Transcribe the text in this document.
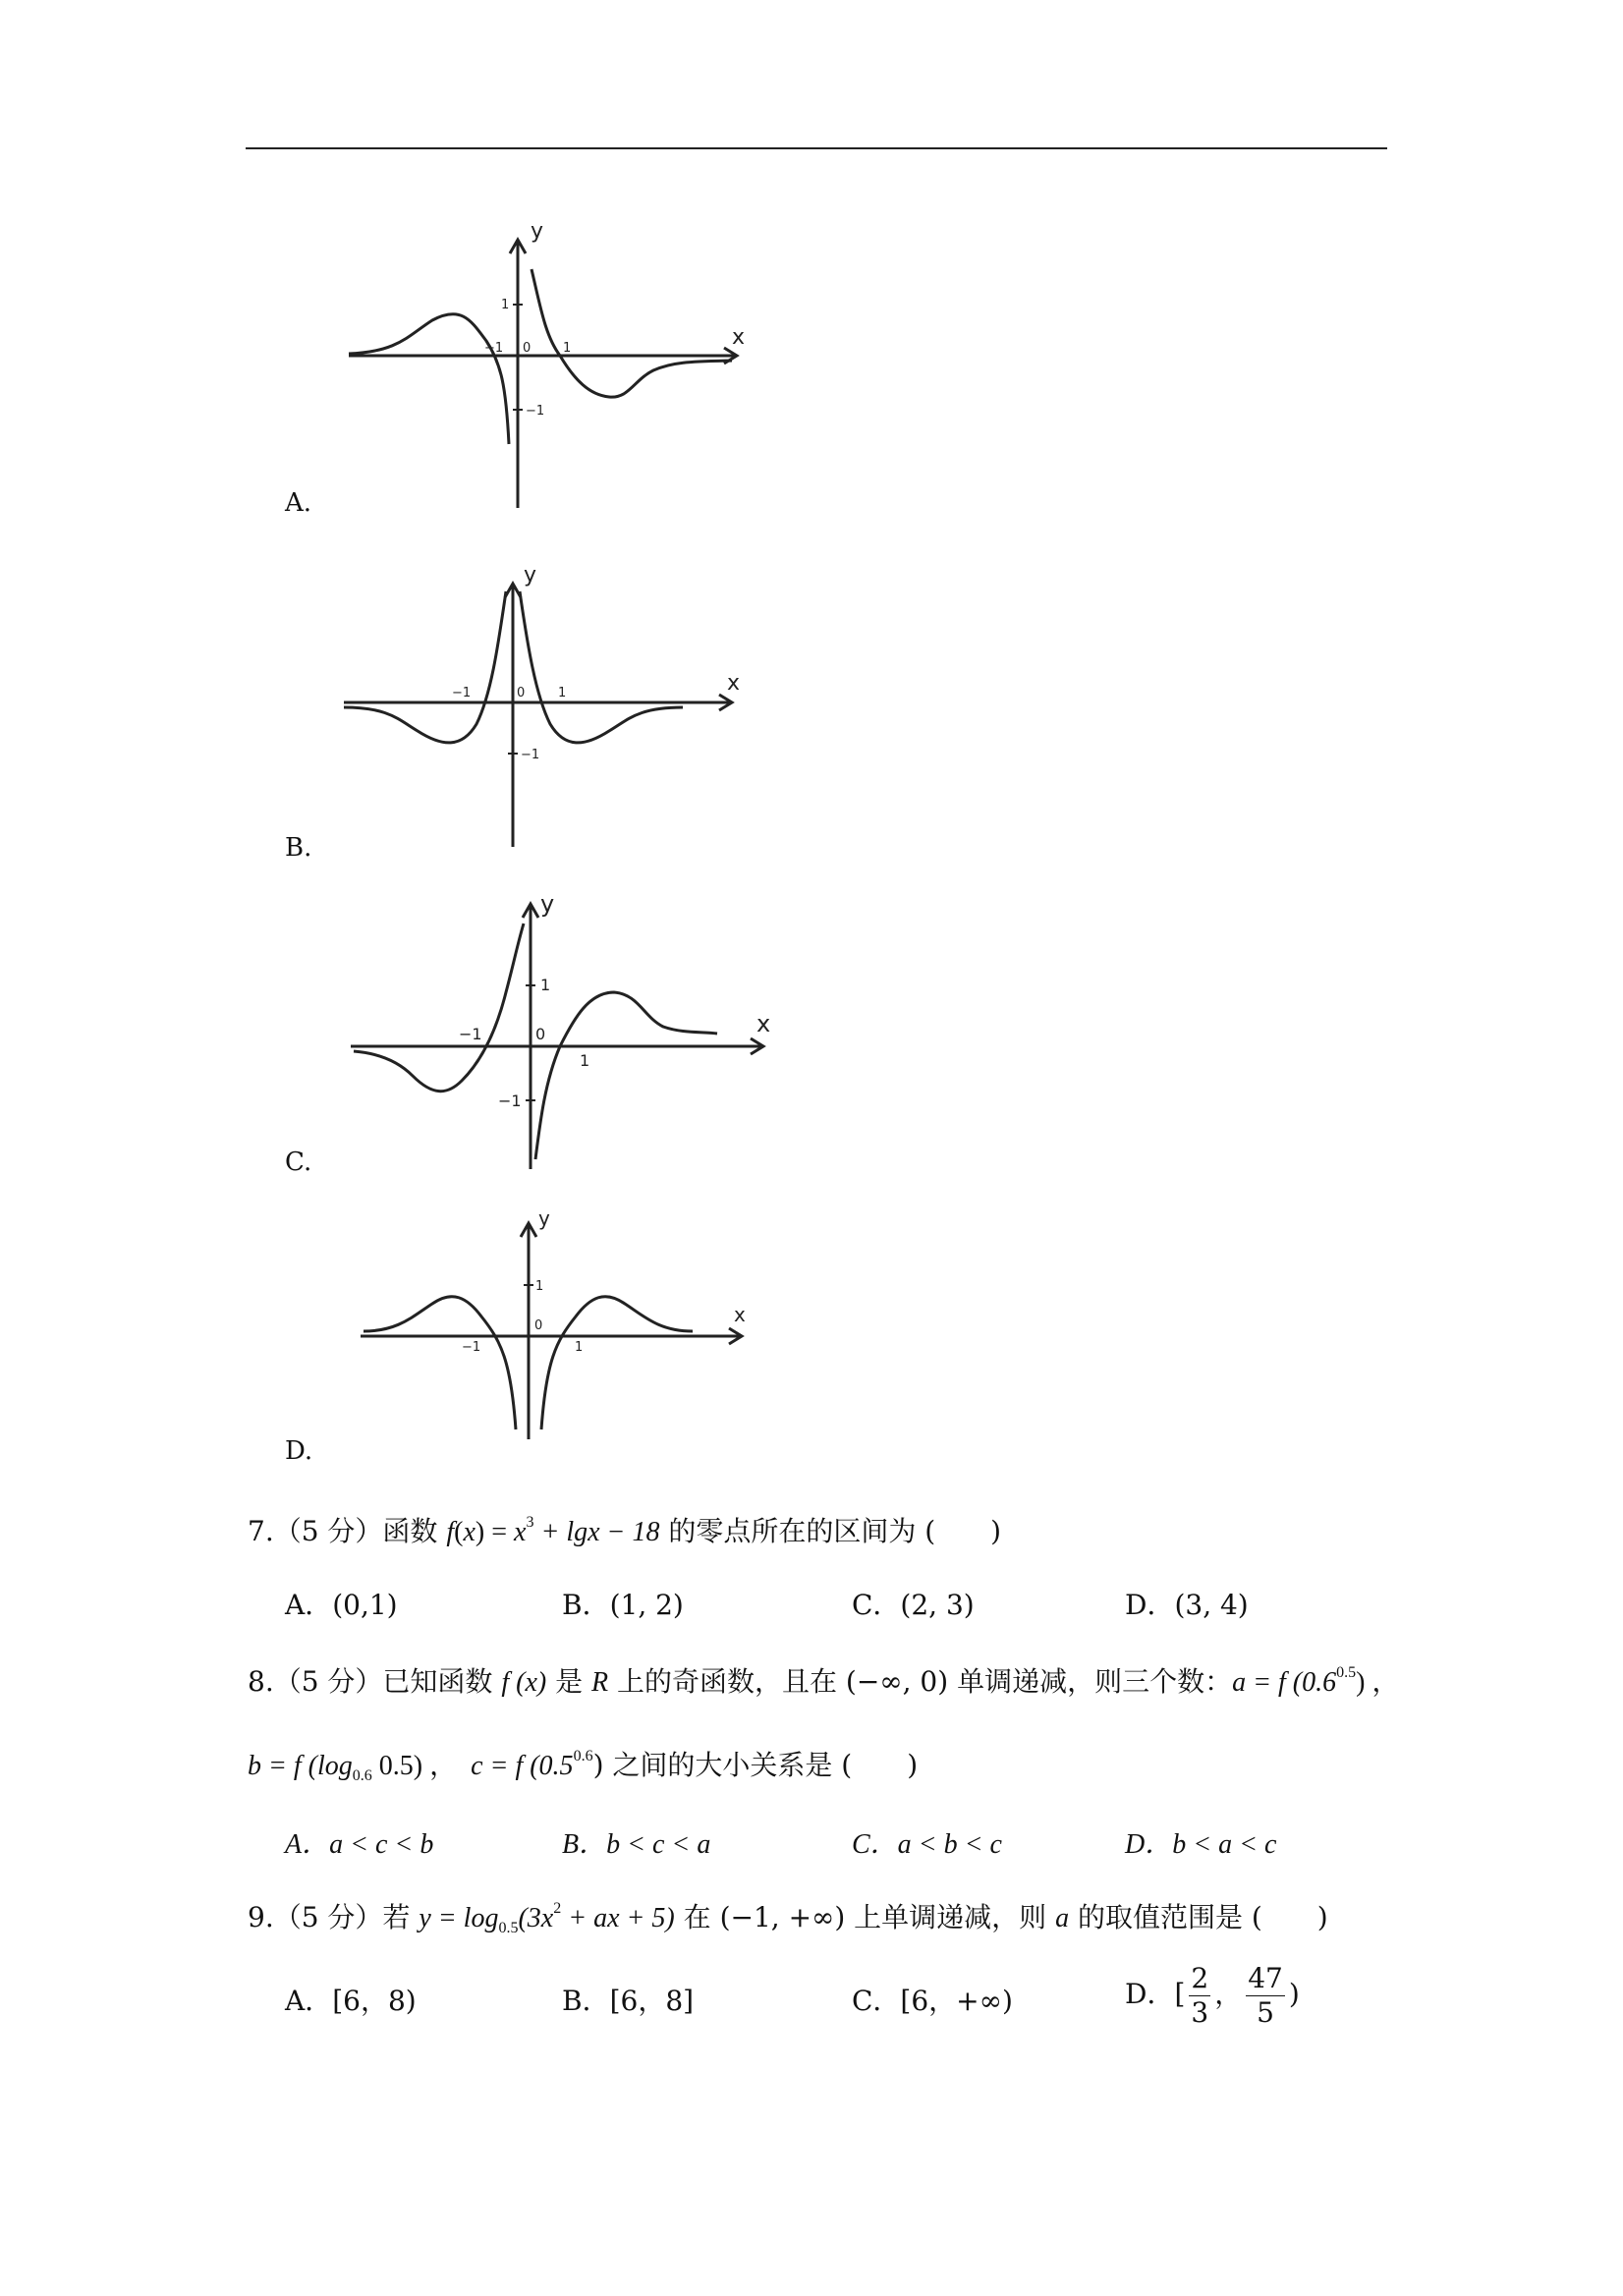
x
y
−1 0	1
1
−1
A.
x
y
−1	0	1
−1
B.
x
y
−1	0
1
1
−1
C.
x
y
−1
0
1
1
D.
7.（5 分）函数 $f(x) = x^3 + \lg x - 18$ 的零点所在的区间为 (　　)
A．(0,1)	B．(1, 2)	C．(2, 3)	D．(3, 4)
8.（5 分）已知函数 f (x) 是 R 上的奇函数，且在 (−∞, 0) 单调递减，则三个数：a = f $(0.6^{0.5})$ ，
b = f ($\log_{0.6}$ 0.5) ，　 c = f $(0.5^{0.6})$ 之间的大小关系是 (　　)
A．a < c < b	B．b < c < a	C．a < b < c	D．b < a < c
9.（5 分）若 $y = \log_{0.5}(3x^2$ + ax + 5) 在 (−1, +∞) 上单调递减，则 a 的取值范围是 (　　)
A．[6，8)	B．[6，8]	C．[6，+∞)	D．[ $\frac{2}{3}$ ， $\frac{47}{5}$ )
